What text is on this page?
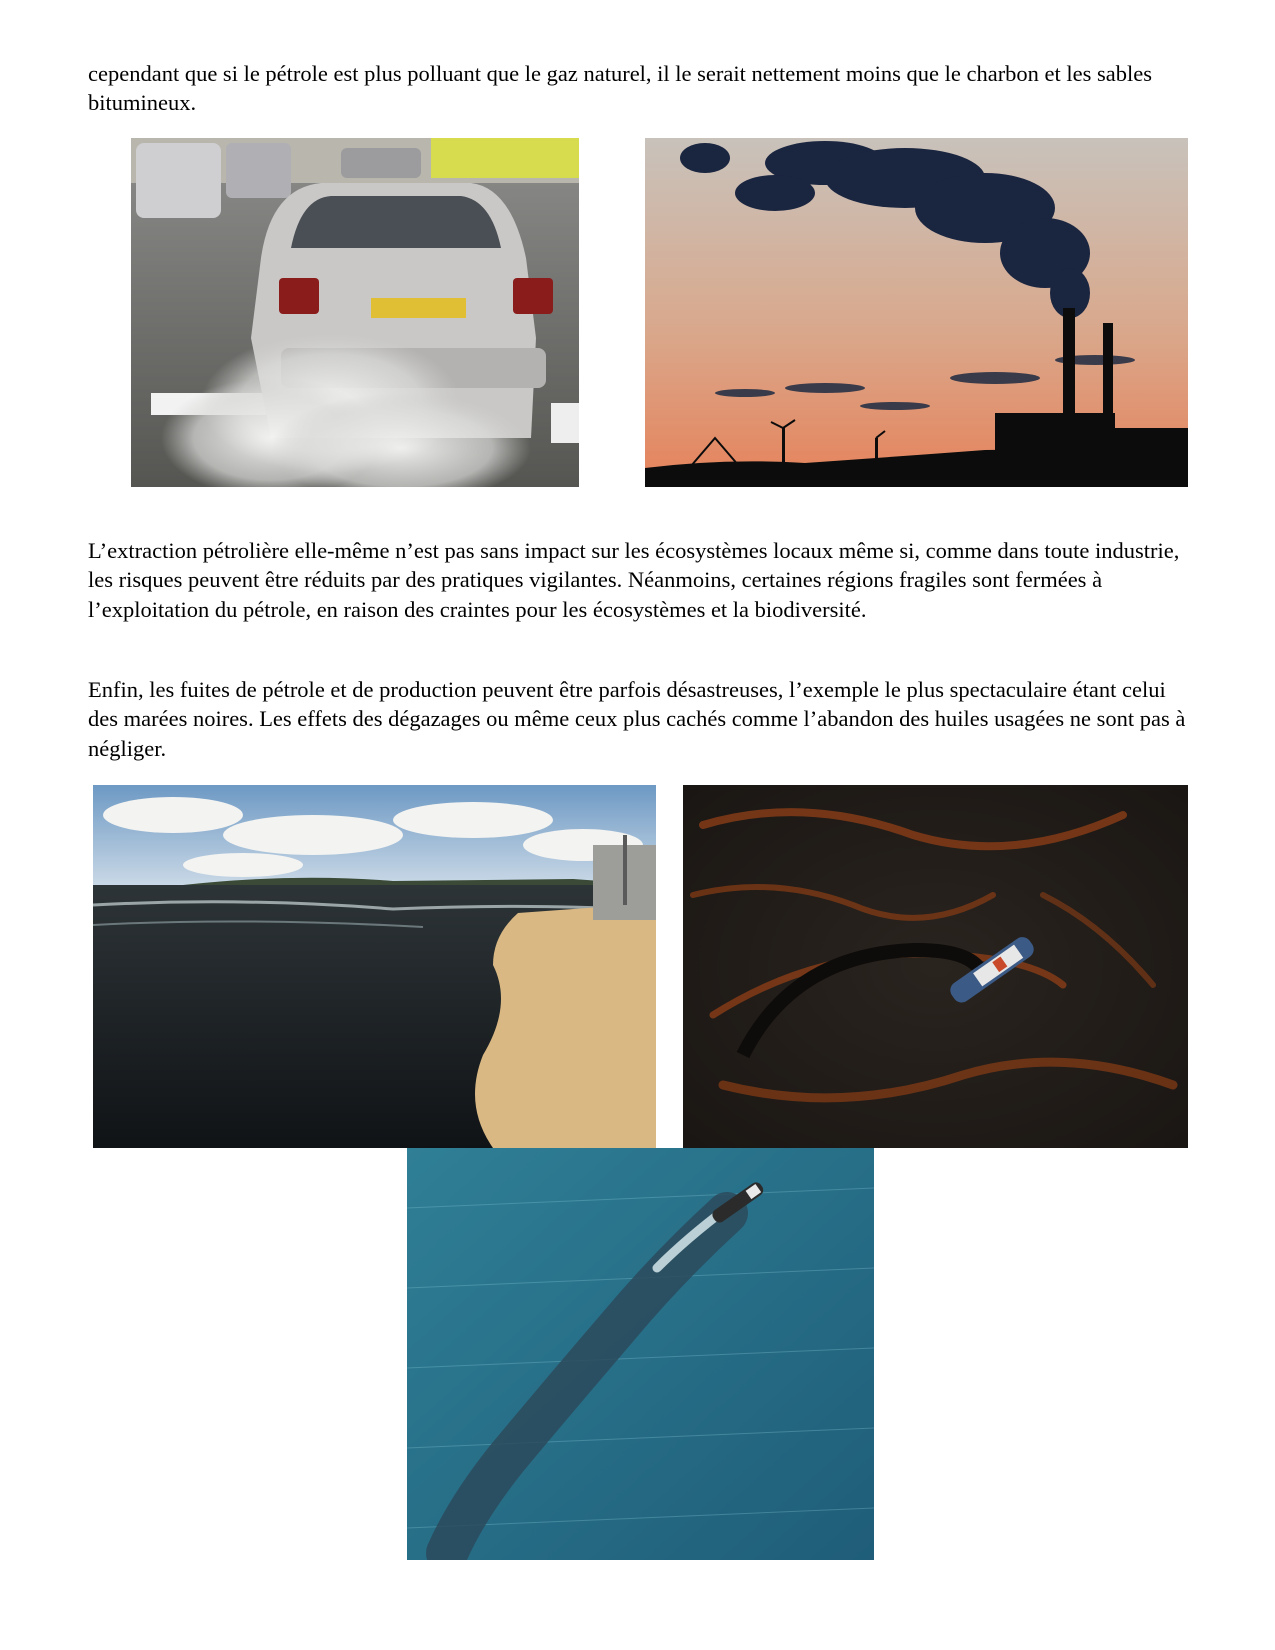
cependant que si le pétrole est plus polluant que le gaz naturel, il le serait nettement moins que le charbon et les sables bitumineux.

L’extraction pétrolière elle-même n’est pas sans impact sur les écosystèmes locaux même si, comme dans toute industrie, les risques peuvent être réduits par des pratiques vigilantes. Néanmoins, certaines régions fragiles sont fermées à l’exploitation du pétrole, en raison des craintes pour les écosystèmes et la biodiversité.

Enfin, les fuites de pétrole et de production peuvent être parfois désastreuses, l’exemple le plus spectaculaire étant celui des marées noires. Les effets des dégazages ou même ceux plus cachés comme l’abandon des huiles usagées ne sont pas à négliger.
